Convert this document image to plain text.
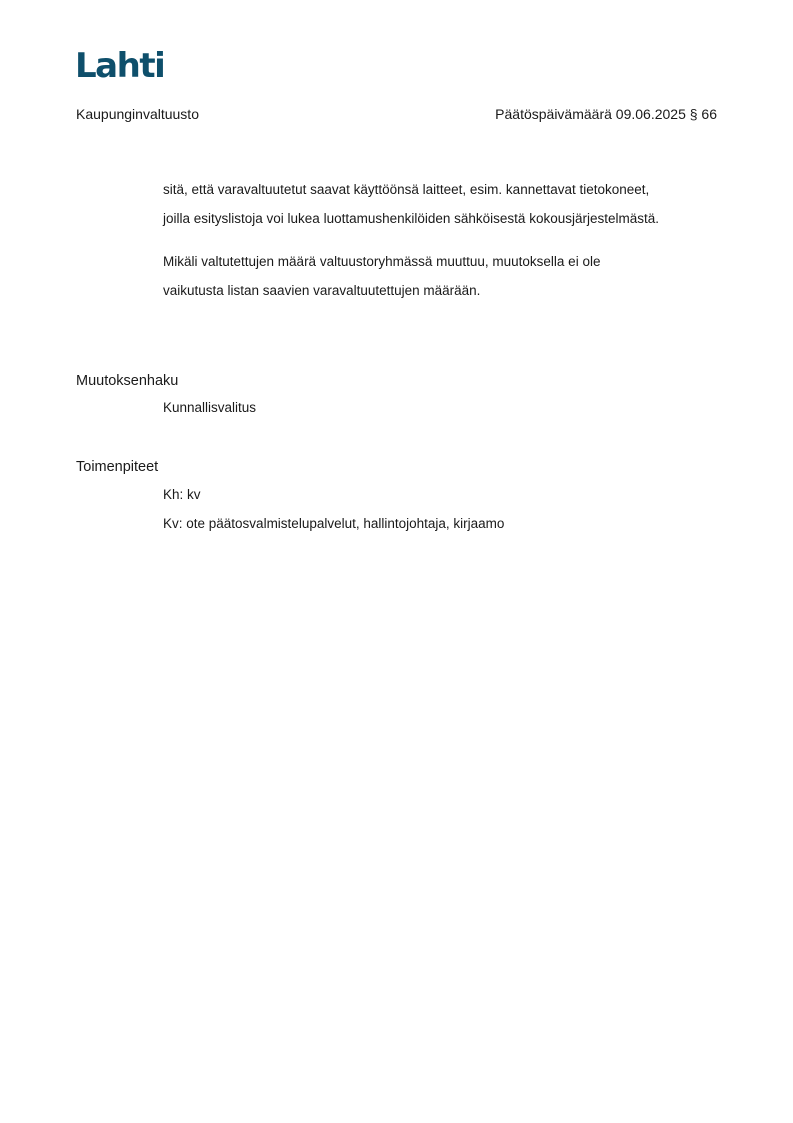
Lahti
Kaupunginvaltuusto	Päätöspäivämäärä 09.06.2025 § 66

sitä, että varavaltuutetut saavat käyttöönsä laitteet, esim. kannettavat tietokoneet,

joilla esityslistoja voi lukea luottamushenkilöiden sähköisestä kokousjärjestelmästä.

Mikäli valtutettujen määrä valtuustoryhmässä muuttuu, muutoksella ei ole

vaikutusta listan saavien varavaltuutettujen määrään.

Muutoksenhaku
Kunnallisvalitus
Toimenpiteet
Kh: kv
Kv: ote päätosvalmistelupalvelut, hallintojohtaja, kirjaamo
